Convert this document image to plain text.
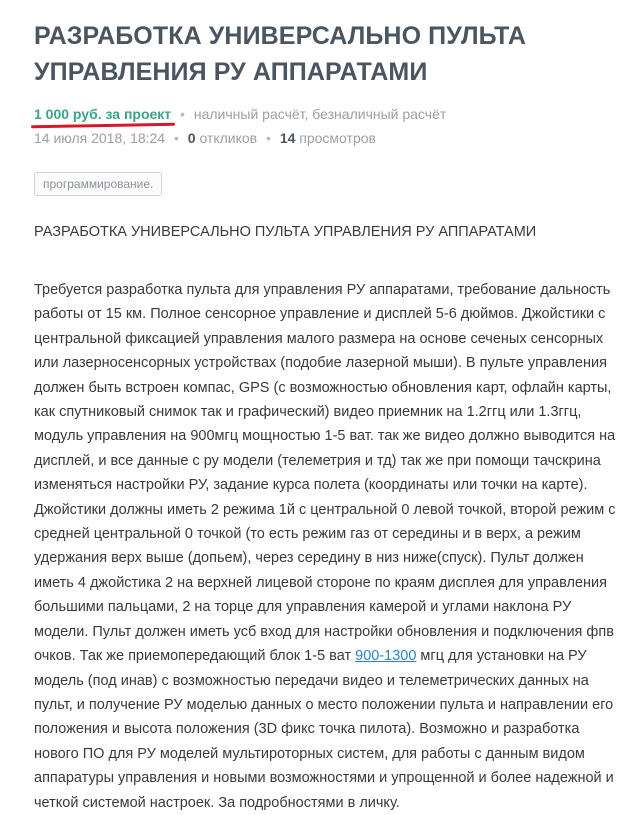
РАЗРАБОТКА УНИВЕРСАЛЬНО ПУЛЬТА УПРАВЛЕНИЯ РУ АППАРАТАМИ
1 000 руб. за проект • наличный расчёт, безналичный расчёт
14 июля 2018, 18:24 • 0 откликов • 14 просмотров
программирование.
РАЗРАБОТКА УНИВЕРСАЛЬНО ПУЛЬТА УПРАВЛЕНИЯ РУ АППАРАТАМИ
Требуется разработка пульта для управления РУ аппаратами, требование дальность работы от 15 км. Полное сенсорное управление и дисплей 5-6 дюймов. Джойстики с центральной фиксацией управления малого размера на основе сеченых сенсорных или лазерносенсорных устройствах (подобие лазерной мыши). В пульте управления должен быть встроен компас, GPS (с возможностью обновления карт, офлайн карты, как спутниковый снимок так и графический) видео приемник на 1.2ггц или 1.3ггц, модуль управления на 900мгц мощностью 1-5 ват. так же видео должно выводится на дисплей, и все данные с ру модели (телеметрия и тд) так же при помощи тачскрина изменяться настройки РУ, задание курса полета (координаты или точки на карте). Джойстики должны иметь 2 режима 1й с центральной 0 левой точкой, второй режим с средней центральной 0 точкой (то есть режим газ от середины и в верх, а режим удержания верх выше (допьем), через середину в низ ниже(спуск). Пульт должен иметь 4 джойстика 2 на верхней лицевой стороне по краям дисплея для управления большими пальцами, 2 на торце для управления камерой и углами наклона РУ модели. Пульт должен иметь усб вход для настройки обновления и подключения фпв очков. Так же приемопередающий блок 1-5 ват 900-1300 мгц для установки на РУ модель (под инав) с возможностью передачи видео и телеметрических данных на пульт, и получение РУ моделью данных о место положении пульта и направлении его положения и высота положения (3D фикс точка пилота). Возможно и разработка нового ПО для РУ моделей мультироторных систем, для работы с данным видом аппаратуры управления и новыми возможностями и упрощенной и более надежной и четкой системой настроек. За подробностями в личку.
